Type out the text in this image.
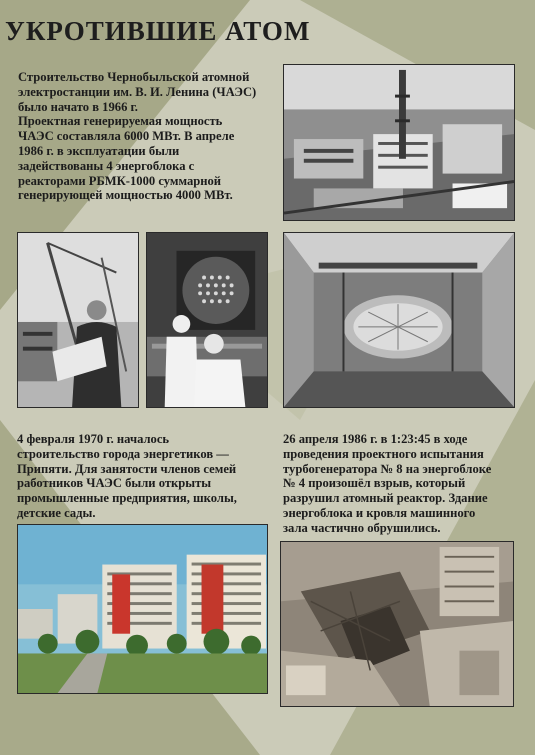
УКРОТИВШИЕ АТОМ
Строительство Чернобыльской атомной
электростанции им. В. И. Ленина (ЧАЭС)
было начато в 1966 г.
Проектная генерируемая мощность
ЧАЭС составляла 6000 МВт. В апреле
1986 г. в эксплуатации были
задействованы 4 энергоблока с
реакторами РБМК-1000 суммарной
генерирующей мощностью 4000 МВт.
4 февраля 1970 г. началось
строительство города энергетиков —
Припяти. Для занятости членов семей
работников ЧАЭС были открыты
промышленные предприятия, школы,
детские сады.
26 апреля 1986 г. в 1:23:45 в ходе
проведения проектного испытания
турбогенератора № 8 на энергоблоке
№ 4 произошёл взрыв, который
разрушил атомный реактор. Здание
энергоблока и кровля машинного
зала частично обрушились.
